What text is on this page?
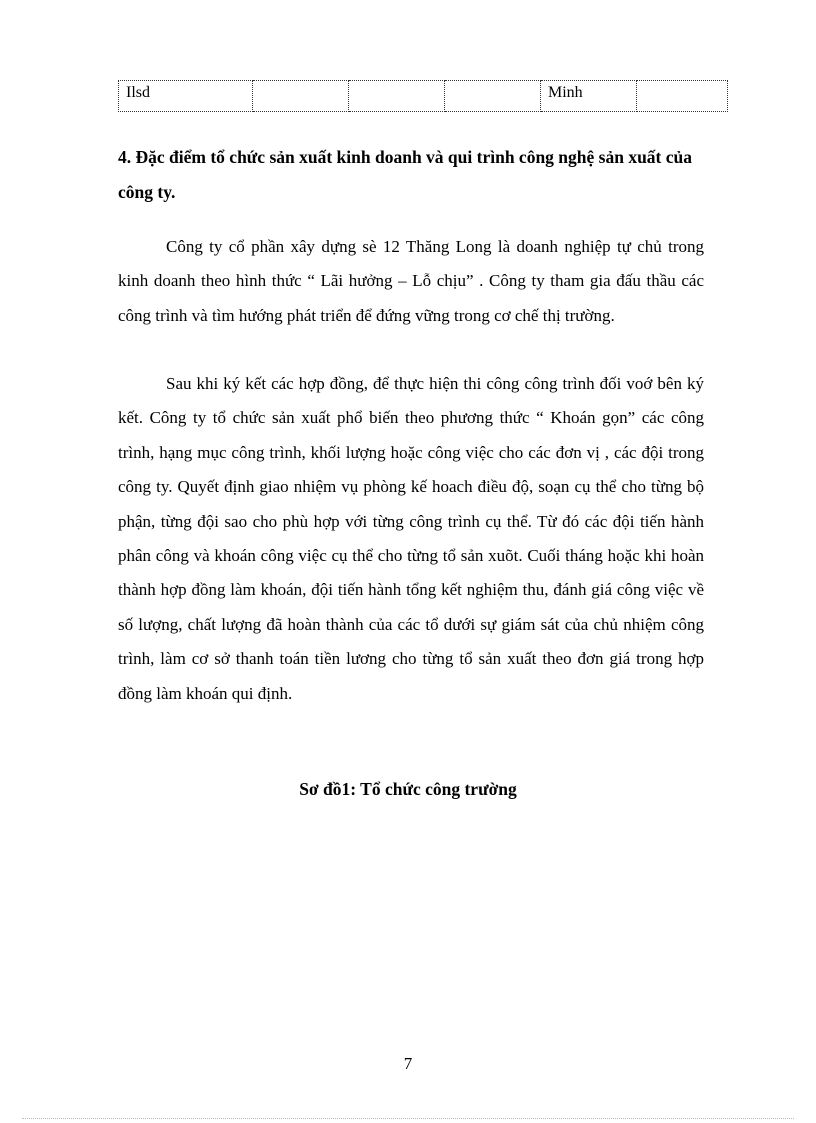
Ilsd				Minh	
4. Đặc điểm tổ chức sản xuất kinh doanh và qui trình công nghệ sản xuất của công ty.

Công ty cổ phần xây dựng sè 12 Thăng Long là doanh nghiệp tự chủ trong kinh doanh theo hình thức “ Lãi hưởng – Lỗ chịu” . Công ty tham gia đấu thầu các công trình và tìm hướng phát triển để đứng vững trong cơ chế thị trường.

Sau khi ký kết các hợp đồng, để thực hiện thi công công trình đối voớ bên ký kết. Công ty tổ chức sản xuất phổ biến theo phương thức “ Khoán gọn” các công trình, hạng mục công trình, khối lượng hoặc công việc cho các đơn vị , các đội trong công ty. Quyết định giao nhiệm vụ phòng kế hoach điều độ, soạn cụ thể cho từng bộ phận, từng đội sao cho phù hợp với từng công trình cụ thể. Từ đó các đội tiến hành phân công và khoán công việc cụ thể cho từng tổ sản xuõt. Cuối tháng hoặc khi hoàn thành hợp đồng làm khoán, đội tiến hành tổng kết nghiệm thu, đánh giá công việc về số lượng, chất lượng đã hoàn thành của các tổ dưới sự giám sát của chủ nhiệm công trình, làm cơ sở thanh toán tiền lương cho từng tổ sản xuất theo đơn giá trong hợp đồng làm khoán qui định.

Sơ đồ1: Tổ chức công trường
7
